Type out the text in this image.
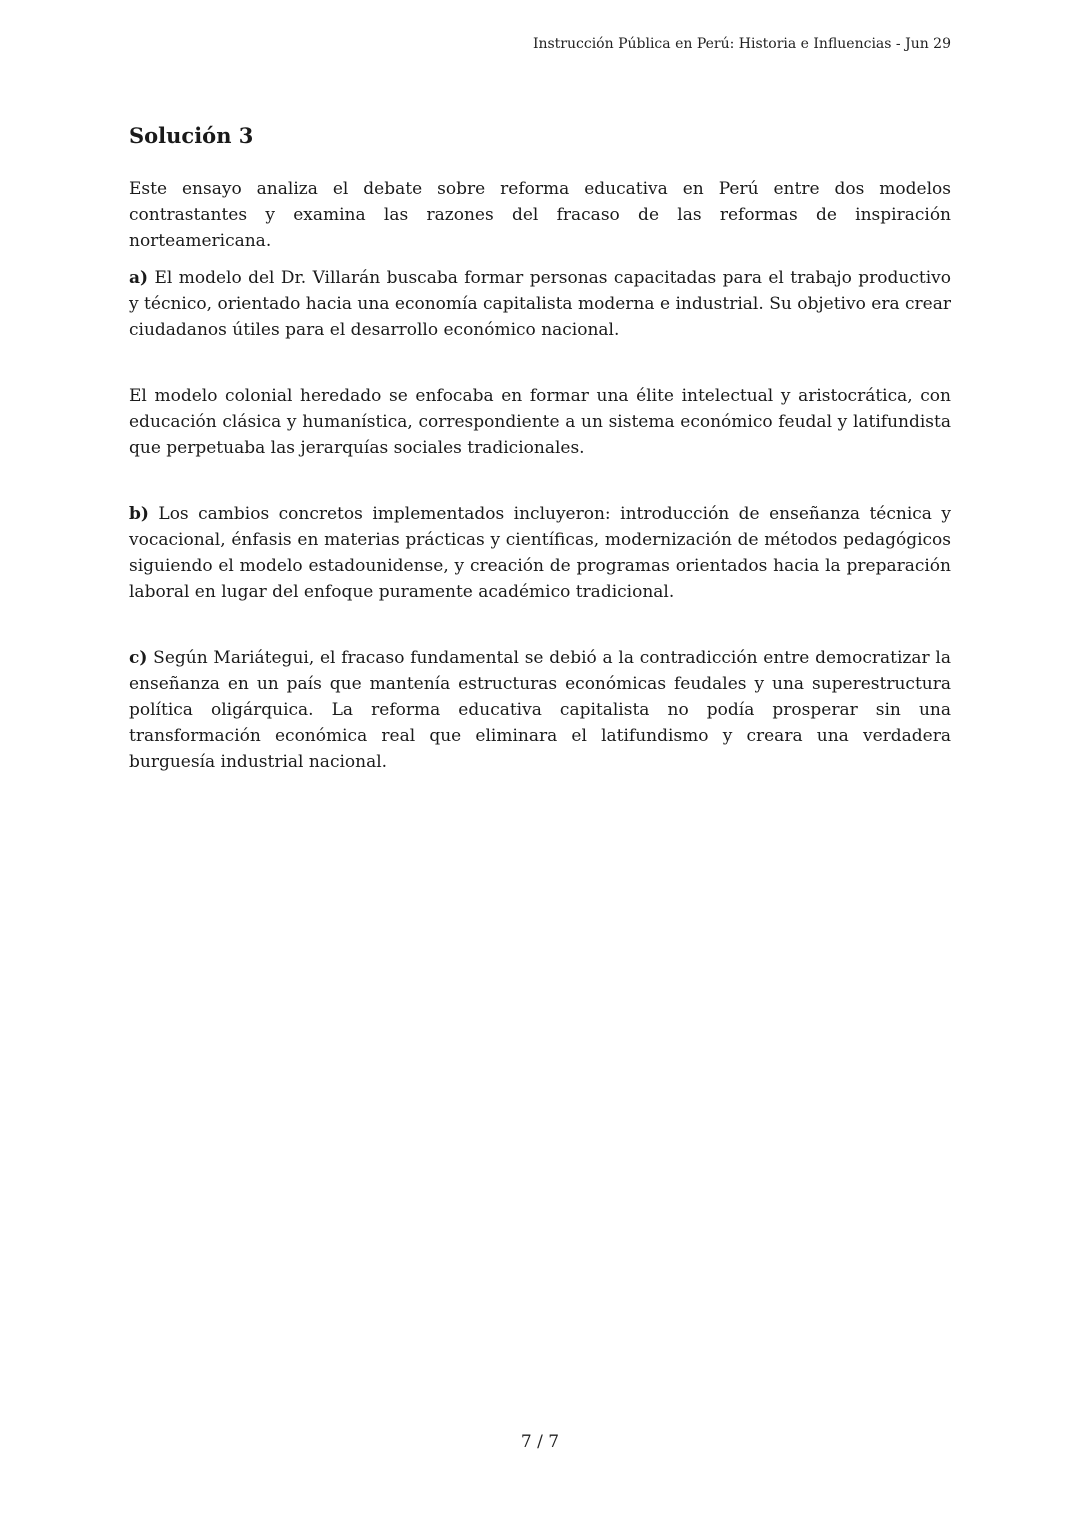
Instrucción Pública en Perú: Historia e Influencias - Jun 29
Solución 3

Este ensayo analiza el debate sobre reforma educativa en Perú entre dos modelos contrastantes y examina las razones del fracaso de las reformas de inspiración norteamericana.

a) El modelo del Dr. Villarán buscaba formar personas capacitadas para el trabajo productivo y técnico, orientado hacia una economía capitalista moderna e industrial. Su objetivo era crear ciudadanos útiles para el desarrollo económico nacional.

El modelo colonial heredado se enfocaba en formar una élite intelectual y aristocrática, con educación clásica y humanística, correspondiente a un sistema económico feudal y latifundista que perpetuaba las jerarquías sociales tradicionales.

b) Los cambios concretos implementados incluyeron: introducción de enseñanza técnica y vocacional, énfasis en materias prácticas y científicas, modernización de métodos pedagógicos siguiendo el modelo estadounidense, y creación de programas orientados hacia la preparación laboral en lugar del enfoque puramente académico tradicional.

c) Según Mariátegui, el fracaso fundamental se debió a la contradicción entre democratizar la enseñanza en un país que mantenía estructuras económicas feudales y una superestructura política oligárquica. La reforma educativa capitalista no podía prosperar sin una transformación económica real que eliminara el latifundismo y creara una verdadera burguesía industrial nacional.

7 / 7
